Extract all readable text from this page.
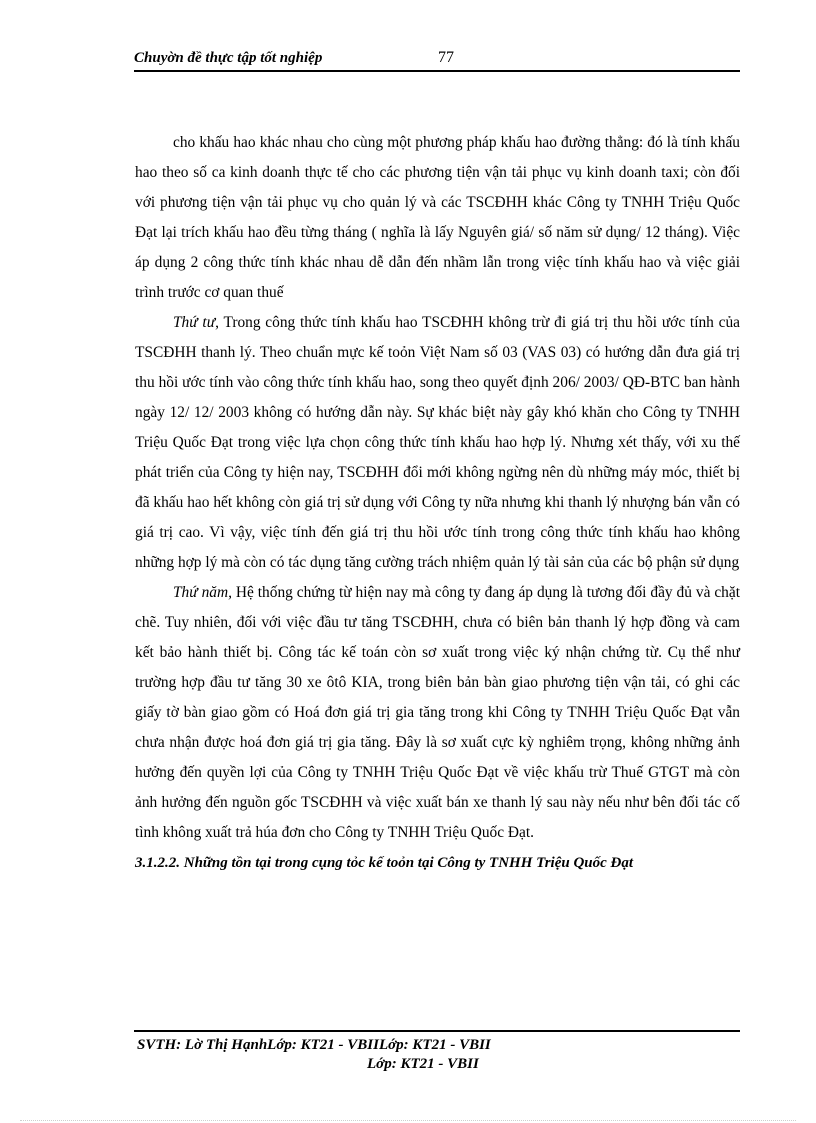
Chuyờn đề thực tập tốt nghiệp	77

cho khấu hao khác nhau cho cùng một phương pháp khấu hao đường thẳng: đó là tính khấu hao theo số ca kinh doanh thực tế cho các phương tiện vận tải phục vụ kinh doanh taxi; còn đối với phương tiện vận tải phục vụ cho quản lý và các TSCĐHH khác Công ty TNHH Triệu Quốc Đạt lại trích khấu hao đều từng tháng ( nghĩa là lấy Nguyên giá/ số năm sử dụng/ 12 tháng). Việc áp dụng 2 công thức tính khác nhau dễ dẫn đến nhầm lẫn trong việc tính khấu hao và việc giải trình trước cơ quan thuế

Thứ tư, Trong công thức tính khấu hao TSCĐHH không trừ đi giá trị thu hồi ước tính của TSCĐHH thanh lý. Theo chuẩn mực kế toỏn Việt Nam số 03 (VAS 03) có hướng dẫn đưa giá trị thu hồi ước tính vào công thức tính khấu hao, song theo quyết định 206/ 2003/ QĐ-BTC ban hành ngày 12/ 12/ 2003 không có hướng dẫn này. Sự khác biệt này gây khó khăn cho Công ty TNHH Triệu Quốc Đạt trong việc lựa chọn công thức tính khấu hao hợp lý. Nhưng xét thấy, với xu thế phát triển của Công ty hiện nay, TSCĐHH đổi mới không ngừng nên dù những máy móc, thiết bị đã khấu hao hết không còn giá trị sử dụng với Công ty nữa nhưng khi thanh lý nhượng bán vẫn có giá trị cao. Vì vậy, việc tính đến giá trị thu hồi ước tính trong công thức tính khấu hao không những hợp lý mà còn có tác dụng tăng cường trách nhiệm quản lý tài sản của các bộ phận sử dụng

Thứ năm, Hệ thống chứng từ hiện nay mà công ty đang áp dụng là tương đối đầy đủ và chặt chẽ. Tuy nhiên, đối với việc đầu tư tăng TSCĐHH, chưa có biên bản thanh lý hợp đồng và cam kết bảo hành thiết bị. Công tác kế toán còn sơ xuất trong việc ký nhận chứng từ. Cụ thể như trường hợp đầu tư tăng 30 xe ôtô KIA, trong biên bản bàn giao phương tiện vận tải, có ghi các giấy tờ bàn giao gồm có Hoá đơn giá trị gia tăng trong khi Công ty TNHH Triệu Quốc Đạt vẫn chưa nhận được hoá đơn giá trị gia tăng. Đây là sơ xuất cực kỳ nghiêm trọng, không những ảnh hưởng đến quyền lợi của Công ty TNHH Triệu Quốc Đạt về việc khấu trừ Thuế GTGT mà còn ảnh hưởng đến nguồn gốc TSCĐHH và việc xuất bán xe thanh lý sau này nếu như bên đối tác cố tình không xuất trả húa đơn cho Công ty TNHH Triệu Quốc Đạt.

3.1.2.2. Những tồn tại trong cụng tỏc kế toỏn tại Công ty TNHH Triệu Quốc Đạt
SVTH: Lờ Thị HạnhLớp: KT21 - VBIILớp: KT21 - VBII
Lớp: KT21 - VBII
